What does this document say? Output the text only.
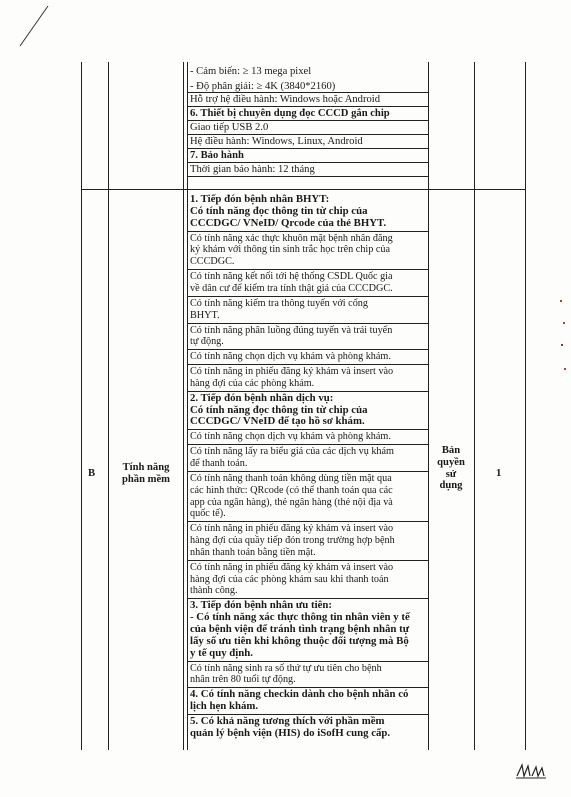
- Cảm biến: ≥ 13 mega pixel
- Độ phân giải: ≥ 4K (3840*2160)
Hỗ trợ hệ điều hành: Windows hoặc Android
6. Thiết bị chuyên dụng đọc CCCD gắn chip
Giao tiếp USB 2.0
Hệ điều hành: Windows, Linux, Android
7. Bảo hành
Thời gian bảo hành: 12 tháng
B
Tính năng
phần mềm
Bản
quyền
sử
dụng
1
1. Tiếp đón bệnh nhân BHYT:
Có tính năng đọc thông tin từ chip của
CCCDGC/ VNeID/ Qrcode của thẻ BHYT.
Có tính năng xác thực khuôn mặt bệnh nhân đăng
ký khám với thông tin sinh trắc học trên chip của
CCCDGC.
Có tính năng kết nối tới hệ thống CSDL Quốc gia
về dân cư để kiểm tra tính thật giả của CCCDGC.
Có tính năng kiểm tra thông tuyến với cổng
BHYT.
Có tính năng phân luồng đúng tuyến và trái tuyến
tự động.
Có tính năng chọn dịch vụ khám và phòng khám.
Có tính năng in phiếu đăng ký khám và insert vào
hàng đợi của các phòng khám.
2. Tiếp đón bệnh nhân dịch vụ:
Có tính năng đọc thông tin từ chip của
CCCDGC/ VNeID để tạo hồ sơ khám.
Có tính năng chọn dịch vụ khám và phòng khám.
Có tính năng lấy ra biểu giá của các dịch vụ khám
để thanh toán.
Có tính năng thanh toán không dùng tiền mặt qua
các hình thức: QRcode (có thể thanh toán qua các
app của ngân hàng), thẻ ngân hàng (thẻ nội địa và
quốc tế).
Có tính năng in phiếu đăng ký khám và insert vào
hàng đợi của quầy tiếp đón trong trường hợp bệnh
nhân thanh toán bằng tiền mặt.
Có tính năng in phiếu đăng ký khám và insert vào
hàng đợi của các phòng khám sau khi thanh toán
thành công.
3. Tiếp đón bệnh nhân ưu tiên:
- Có tính năng xác thực thông tin nhân viên y tế
của bệnh viện để tránh tình trạng bệnh nhân tự
lấy số ưu tiên khi không thuộc đối tượng mà Bộ
y tế quy định.
Có tính năng sinh ra số thứ tự ưu tiên cho bệnh
nhân trên 80 tuổi tự động.
4. Có tính năng checkin dành cho bệnh nhân có
lịch hẹn khám.
5. Có khả năng tương thích với phần mềm
quản lý bệnh viện (HIS) do iSofH cung cấp.
